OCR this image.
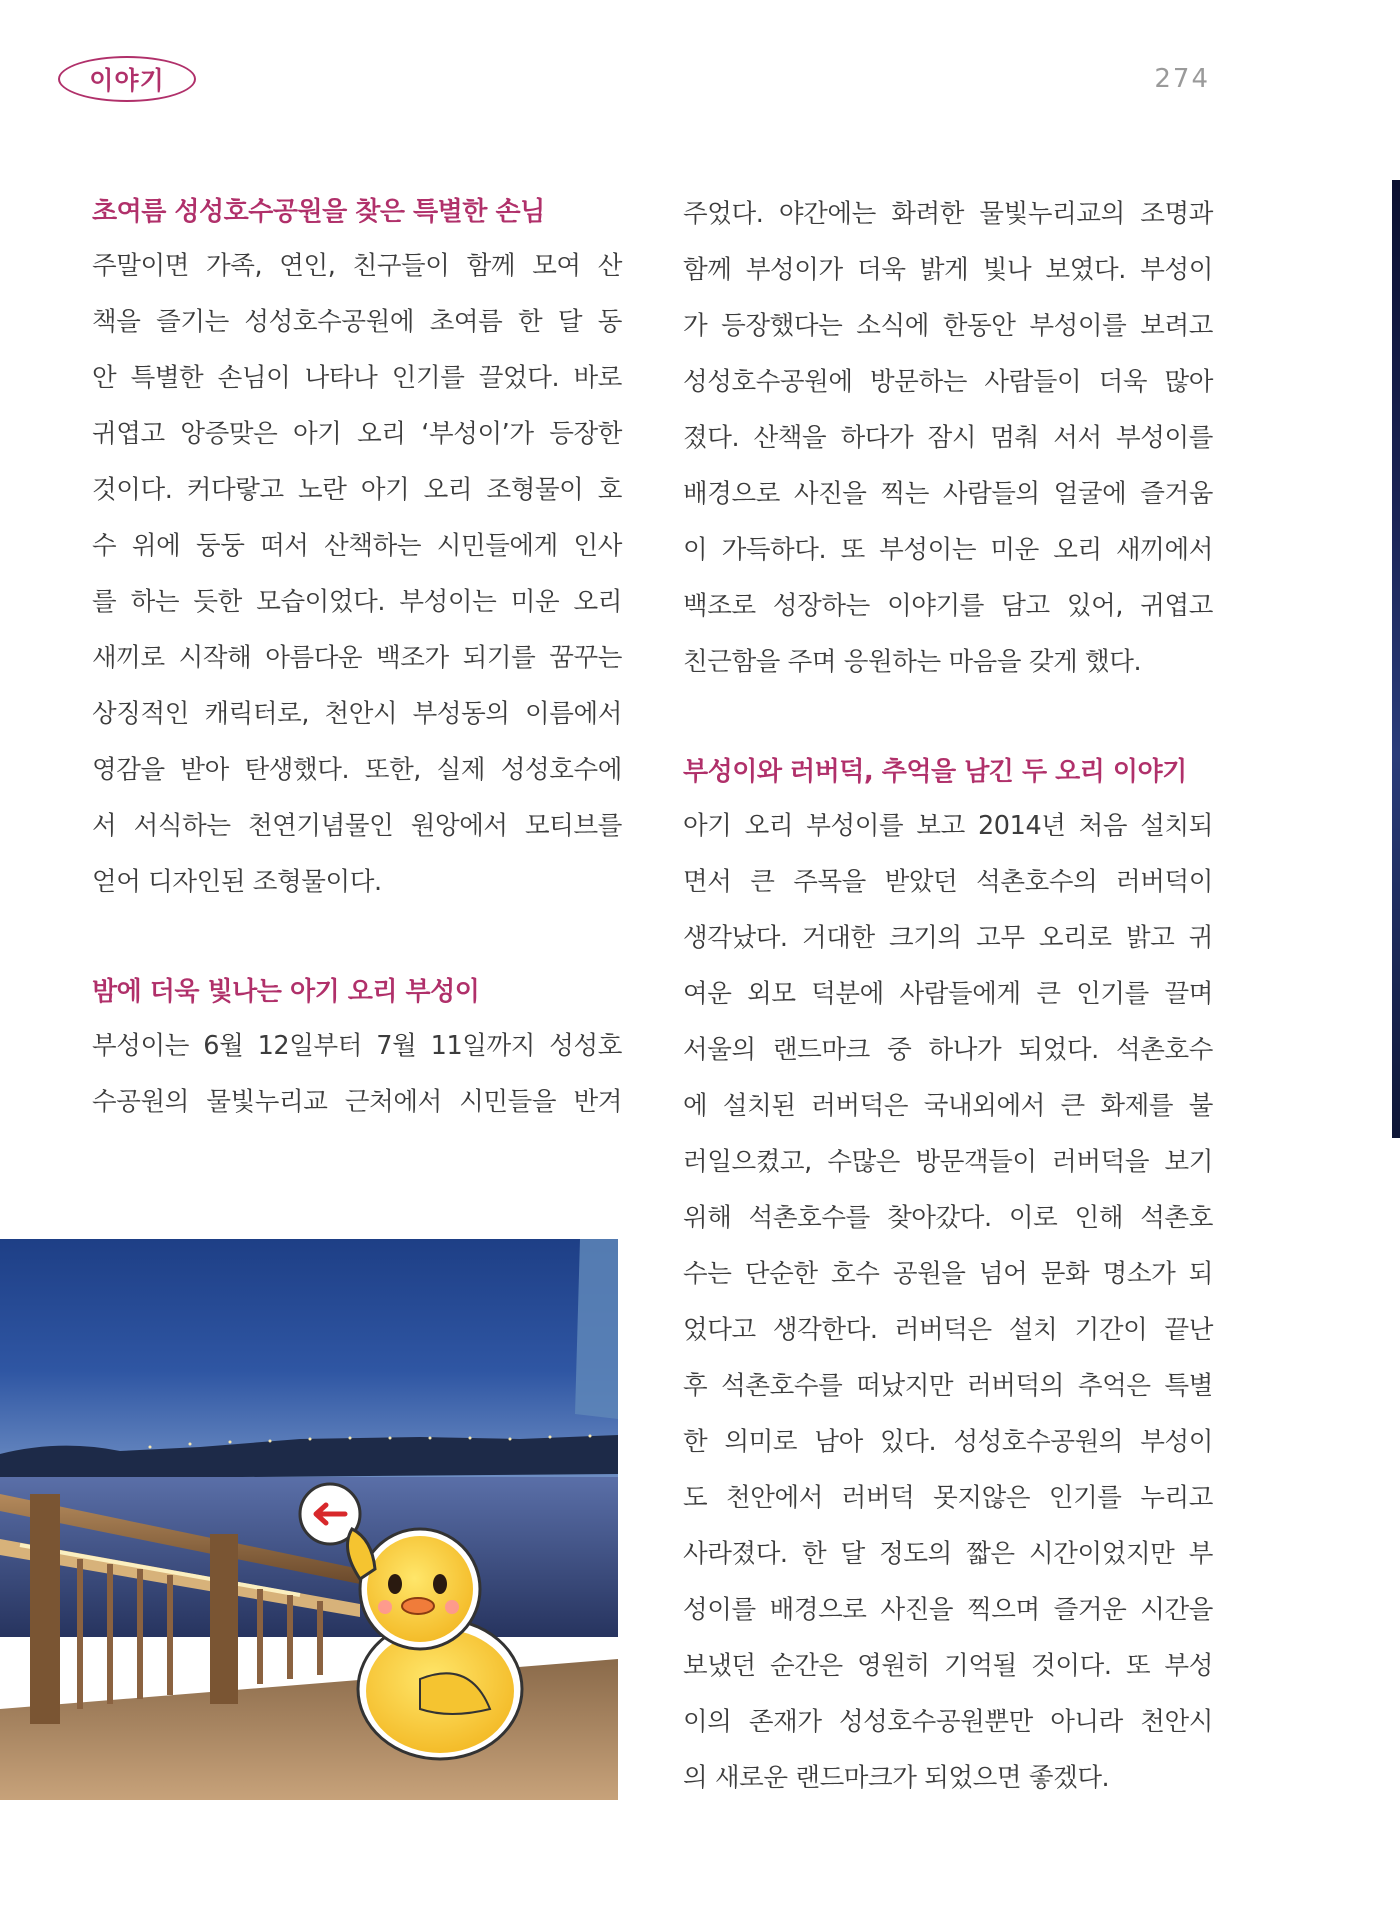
이야기	274

초여름 성성호수공원을 찾은 특별한 손님

주말이면 가족, 연인, 친구들이 함께 모여 산

책을 즐기는 성성호수공원에 초여름 한 달 동

안 특별한 손님이 나타나 인기를 끌었다. 바로

귀엽고 앙증맞은 아기 오리 ‘부성이’가 등장한

것이다. 커다랗고 노란 아기 오리 조형물이 호

수 위에 둥둥 떠서 산책하는 시민들에게 인사

를 하는 듯한 모습이었다. 부성이는 미운 오리

새끼로 시작해 아름다운 백조가 되기를 꿈꾸는

상징적인 캐릭터로, 천안시 부성동의 이름에서

영감을 받아 탄생했다. 또한, 실제 성성호수에

서 서식하는 천연기념물인 원앙에서 모티브를

얻어 디자인된 조형물이다.

밤에 더욱 빛나는 아기 오리 부성이

부성이는 6월 12일부터 7월 11일까지 성성호

수공원의 물빛누리교 근처에서 시민들을 반겨

주었다. 야간에는 화려한 물빛누리교의 조명과

함께 부성이가 더욱 밝게 빛나 보였다. 부성이

가 등장했다는 소식에 한동안 부성이를 보려고

성성호수공원에 방문하는 사람들이 더욱 많아

졌다. 산책을 하다가 잠시 멈춰 서서 부성이를

배경으로 사진을 찍는 사람들의 얼굴에 즐거움

이 가득하다. 또 부성이는 미운 오리 새끼에서

백조로 성장하는 이야기를 담고 있어, 귀엽고

친근함을 주며 응원하는 마음을 갖게 했다.

부성이와 러버덕, 추억을 남긴 두 오리 이야기

아기 오리 부성이를 보고 2014년 처음 설치되

면서 큰 주목을 받았던 석촌호수의 러버덕이

생각났다. 거대한 크기의 고무 오리로 밝고 귀

여운 외모 덕분에 사람들에게 큰 인기를 끌며

서울의 랜드마크 중 하나가 되었다. 석촌호수

에 설치된 러버덕은 국내외에서 큰 화제를 불

러일으켰고, 수많은 방문객들이 러버덕을 보기

위해 석촌호수를 찾아갔다. 이로 인해 석촌호

수는 단순한 호수 공원을 넘어 문화 명소가 되

었다고 생각한다. 러버덕은 설치 기간이 끝난

후 석촌호수를 떠났지만 러버덕의 추억은 특별

한 의미로 남아 있다. 성성호수공원의 부성이

도 천안에서 러버덕 못지않은 인기를 누리고

사라졌다. 한 달 정도의 짧은 시간이었지만 부

성이를 배경으로 사진을 찍으며 즐거운 시간을

보냈던 순간은 영원히 기억될 것이다. 또 부성

이의 존재가 성성호수공원뿐만 아니라 천안시

의 새로운 랜드마크가 되었으면 좋겠다.
